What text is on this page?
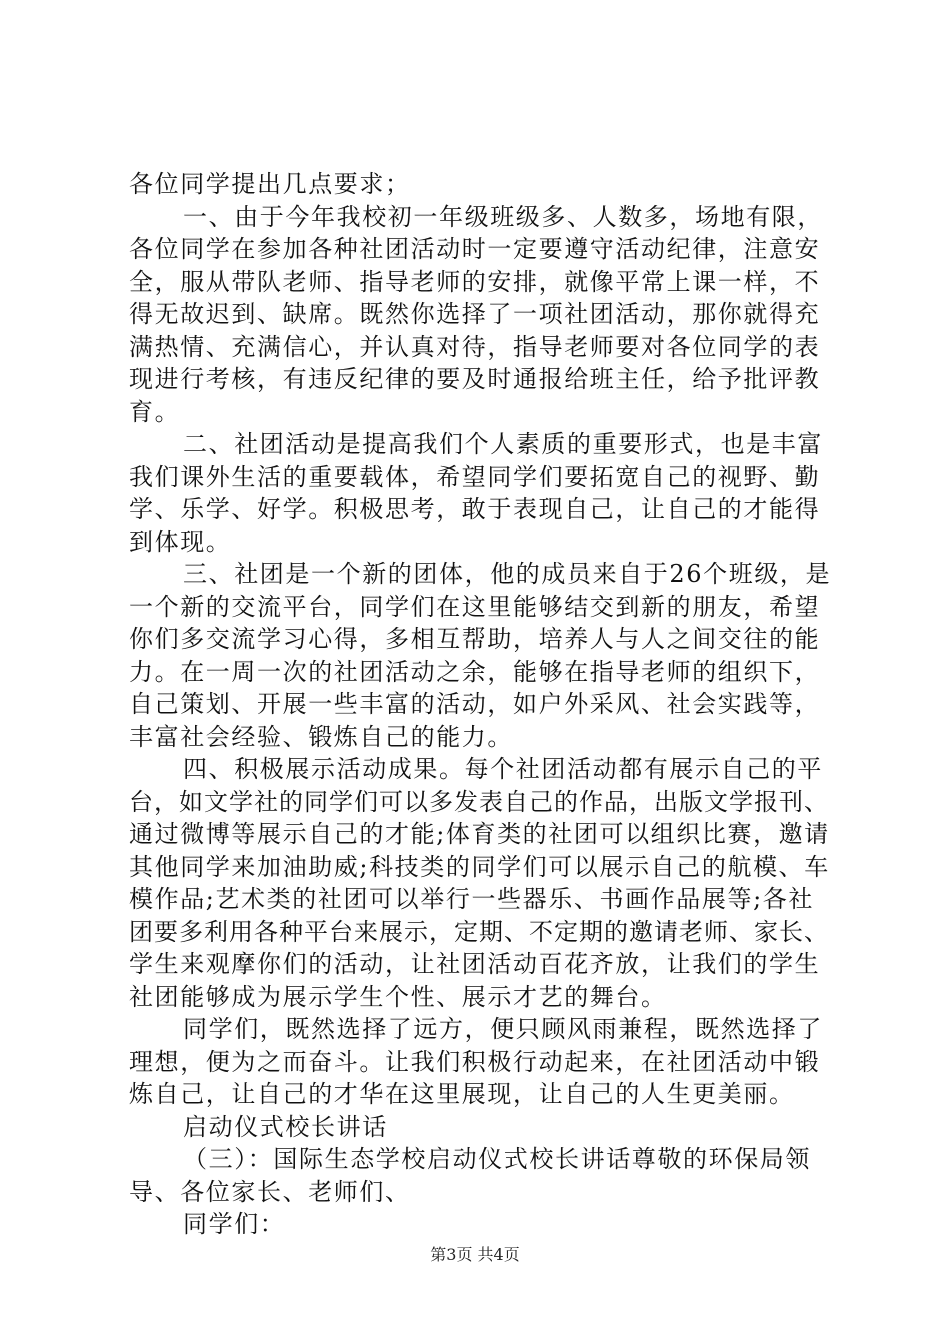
各位同学提出几点要求；
一、由于今年我校初一年级班级多、人数多，场地有限，
各位同学在参加各种社团活动时一定要遵守活动纪律，注意安
全，服从带队老师、指导老师的安排，就像平常上课一样，不
得无故迟到、缺席。既然你选择了一项社团活动，那你就得充
满热情、充满信心，并认真对待，指导老师要对各位同学的表
现进行考核，有违反纪律的要及时通报给班主任，给予批评教
育。
二、社团活动是提高我们个人素质的重要形式，也是丰富
我们课外生活的重要载体，希望同学们要拓宽自己的视野、勤
学、乐学、好学。积极思考，敢于表现自己，让自己的才能得
到体现。
三、社团是一个新的团体，他的成员来自于26个班级，是
一个新的交流平台，同学们在这里能够结交到新的朋友，希望
你们多交流学习心得，多相互帮助，培养人与人之间交往的能
力。在一周一次的社团活动之余，能够在指导老师的组织下，
自己策划、开展一些丰富的活动，如户外采风、社会实践等，
丰富社会经验、锻炼自己的能力。
四、积极展示活动成果。每个社团活动都有展示自己的平
台，如文学社的同学们可以多发表自己的作品，出版文学报刊、
通过微博等展示自己的才能;体育类的社团可以组织比赛，邀请
其他同学来加油助威;科技类的同学们可以展示自己的航模、车
模作品;艺术类的社团可以举行一些器乐、书画作品展等;各社
团要多利用各种平台来展示，定期、不定期的邀请老师、家长、
学生来观摩你们的活动，让社团活动百花齐放，让我们的学生
社团能够成为展示学生个性、展示才艺的舞台。
同学们，既然选择了远方，便只顾风雨兼程，既然选择了
理想，便为之而奋斗。让我们积极行动起来，在社团活动中锻
炼自己，让自己的才华在这里展现，让自己的人生更美丽。
启动仪式校长讲话
（三）：国际生态学校启动仪式校长讲话尊敬的环保局领
导、各位家长、老师们、
同学们：
第3页 共4页
